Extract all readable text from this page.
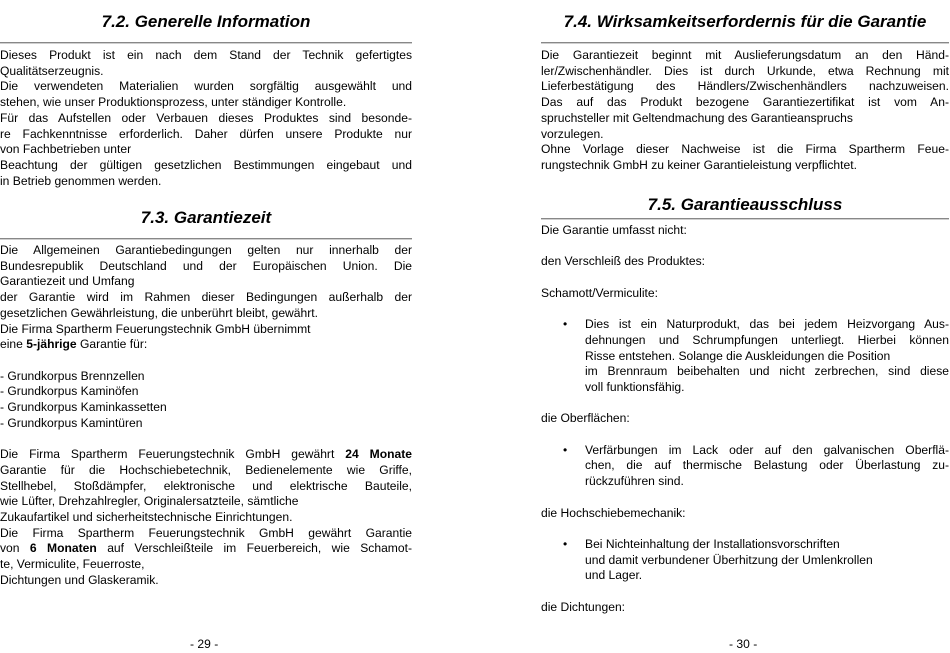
7.2. Generelle Information
Dieses Produkt ist ein nach dem Stand der Technik gefertigtes
Qualitätserzeugnis.
Die verwendeten Materialien wurden sorgfältig ausgewählt und
stehen, wie unser Produktionsprozess, unter ständiger Kontrolle.
Für das Aufstellen oder Verbauen dieses Produktes sind besonde-
re Fachkenntnisse erforderlich. Daher dürfen unsere Produkte nur
von Fachbetrieben unter
Beachtung der gültigen gesetzlichen Bestimmungen eingebaut und
in Betrieb genommen werden.
7.3. Garantiezeit
Die Allgemeinen Garantiebedingungen gelten nur innerhalb der
Bundesrepublik Deutschland und der Europäischen Union. Die
Garantiezeit und Umfang
der Garantie wird im Rahmen dieser Bedingungen außerhalb der
gesetzlichen Gewährleistung, die unberührt bleibt, gewährt.
Die Firma Spartherm Feuerungstechnik GmbH übernimmt
eine 5-jährige Garantie für:
- Grundkorpus Brennzellen
- Grundkorpus Kaminöfen
- Grundkorpus Kaminkassetten
- Grundkorpus Kamintüren
Die Firma Spartherm Feuerungstechnik GmbH gewährt 24 Monate
Garantie für die Hochschiebetechnik, Bedienelemente wie Griffe,
Stellhebel, Stoßdämpfer, elektronische und elektrische Bauteile,
wie Lüfter, Drehzahlregler, Originalersatzteile, sämtliche
Zukaufartikel und sicherheitstechnische Einrichtungen.
Die Firma Spartherm Feuerungstechnik GmbH gewährt Garantie
von 6 Monaten auf Verschleißteile im Feuerbereich, wie Schamot-
te, Vermiculite, Feuerroste,
Dichtungen und Glaskeramik.
- 29 -
7.4. Wirksamkeitserfordernis für die Garantie
Die Garantiezeit beginnt mit Auslieferungsdatum an den Händ-
ler/Zwischenhändler. Dies ist durch Urkunde, etwa Rechnung mit
Lieferbestätigung des Händlers/Zwischenhändlers nachzuweisen.
Das auf das Produkt bezogene Garantiezertifikat ist vom An-
spruchsteller mit Geltendmachung des Garantieanspruchs
vorzulegen.
Ohne Vorlage dieser Nachweise ist die Firma Spartherm Feue-
rungstechnik GmbH zu keiner Garantieleistung verpflichtet.
7.5. Garantieausschluss
Die Garantie umfasst nicht:
den Verschleiß des Produktes:
Schamott/Vermiculite:
• Dies ist ein Naturprodukt, das bei jedem Heizvorgang Aus-
dehnungen und Schrumpfungen unterliegt. Hierbei können
Risse entstehen. Solange die Auskleidungen die Position
im Brennraum beibehalten und nicht zerbrechen, sind diese
voll funktionsfähig.
die Oberflächen:
• Verfärbungen im Lack oder auf den galvanischen Oberflä-
chen, die auf thermische Belastung oder Überlastung zu-
rückzuführen sind.
die Hochschiebemechanik:
• Bei Nichteinhaltung der Installationsvorschriften
und damit verbundener Überhitzung der Umlenkrollen
und Lager.
die Dichtungen:
- 30 -
